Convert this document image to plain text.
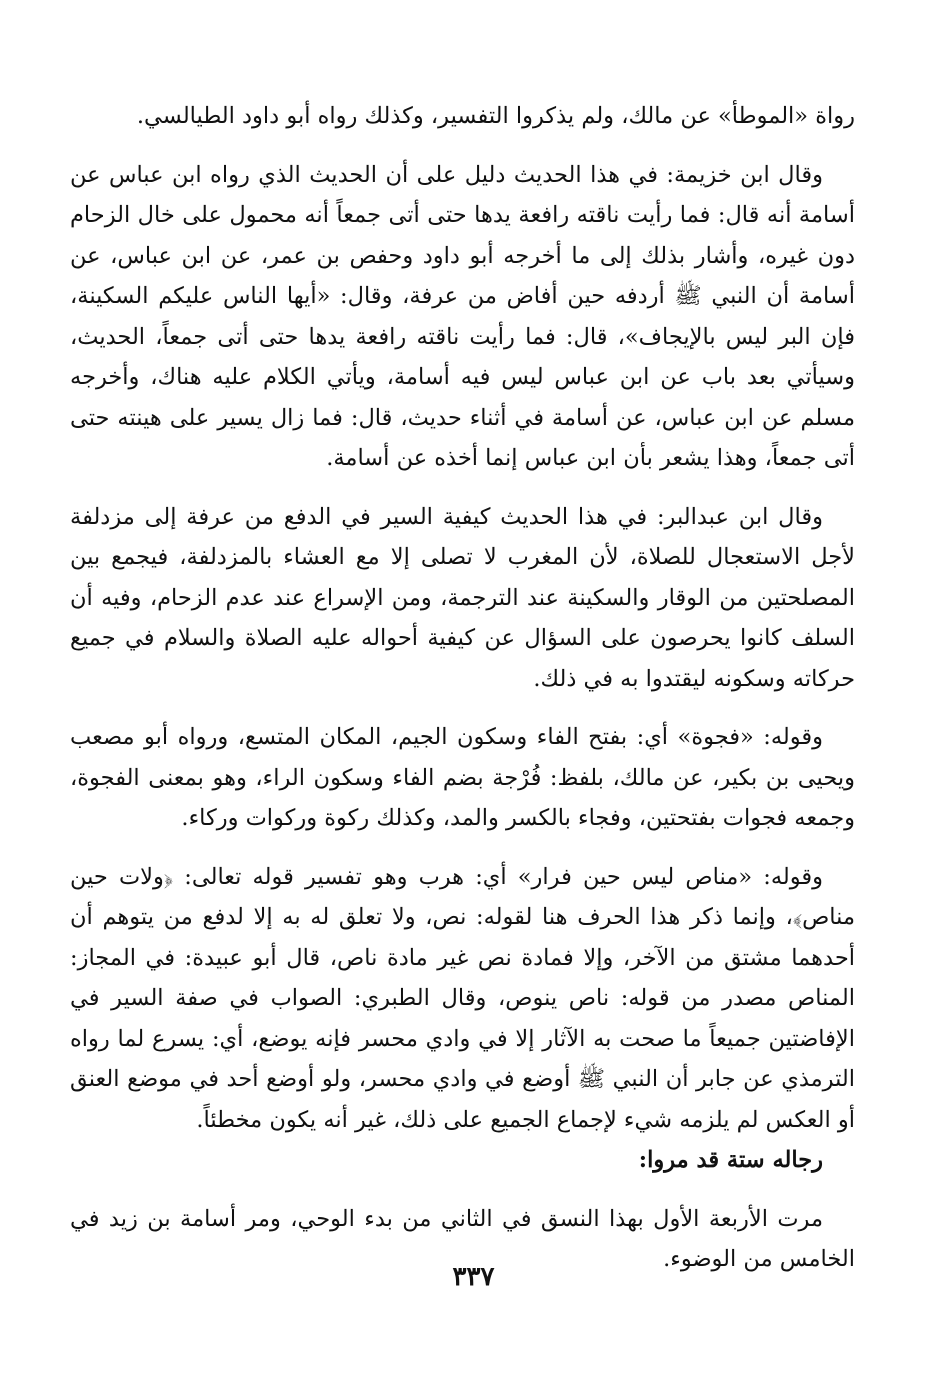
رواة «الموطأ» عن مالك، ولم يذكروا التفسير، وكذلك رواه أبو داود الطيالسي.

وقال ابن خزيمة: في هذا الحديث دليل على أن الحديث الذي رواه ابن عباس عن أسامة أنه قال: فما رأيت ناقته رافعة يدها حتى أتى جمعاً أنه محمول على خال الزحام دون غيره، وأشار بذلك إلى ما أخرجه أبو داود وحفص بن عمر، عن ابن عباس، عن أسامة أن النبي ﷺ أردفه حين أفاض من عرفة، وقال: «أيها الناس عليكم السكينة، فإن البر ليس بالإيجاف»، قال: فما رأيت ناقته رافعة يدها حتى أتى جمعاً، الحديث، وسيأتي بعد باب عن ابن عباس ليس فيه أسامة، ويأتي الكلام عليه هناك، وأخرجه مسلم عن ابن عباس، عن أسامة في أثناء حديث، قال: فما زال يسير على هينته حتى أتى جمعاً، وهذا يشعر بأن ابن عباس إنما أخذه عن أسامة.

وقال ابن عبدالبر: في هذا الحديث كيفية السير في الدفع من عرفة إلى مزدلفة لأجل الاستعجال للصلاة، لأن المغرب لا تصلى إلا مع العشاء بالمزدلفة، فيجمع بين المصلحتين من الوقار والسكينة عند الترجمة، ومن الإسراع عند عدم الزحام، وفيه أن السلف كانوا يحرصون على السؤال عن كيفية أحواله عليه الصلاة والسلام في جميع حركاته وسكونه ليقتدوا به في ذلك.

وقوله: «فجوة» أي: بفتح الفاء وسكون الجيم، المكان المتسع، ورواه أبو مصعب ويحيى بن بكير، عن مالك، بلفظ: فُرْجة بضم الفاء وسكون الراء، وهو بمعنى الفجوة، وجمعه فجوات بفتحتين، وفجاء بالكسر والمد، وكذلك ركوة وركوات وركاء.

وقوله: «مناص ليس حين فرار» أي: هرب وهو تفسير قوله تعالى: ﴿ولات حين مناص﴾، وإنما ذكر هذا الحرف هنا لقوله: نص، ولا تعلق له به إلا لدفع من يتوهم أن أحدهما مشتق من الآخر، وإلا فمادة نص غير مادة ناص، قال أبو عبيدة: في المجاز: المناص مصدر من قوله: ناص ينوص، وقال الطبري: الصواب في صفة السير في الإفاضتين جميعاً ما صحت به الآثار إلا في وادي محسر فإنه يوضع، أي: يسرع لما رواه الترمذي عن جابر أن النبي ﷺ أوضع في وادي محسر، ولو أوضع أحد في موضع العنق أو العكس لم يلزمه شيء لإجماع الجميع على ذلك، غير أنه يكون مخطئاً.

رجاله ستة قد مروا:

مرت الأربعة الأول بهذا النسق في الثاني من بدء الوحي، ومر أسامة بن زيد في الخامس من الوضوء.

٣٣٧
